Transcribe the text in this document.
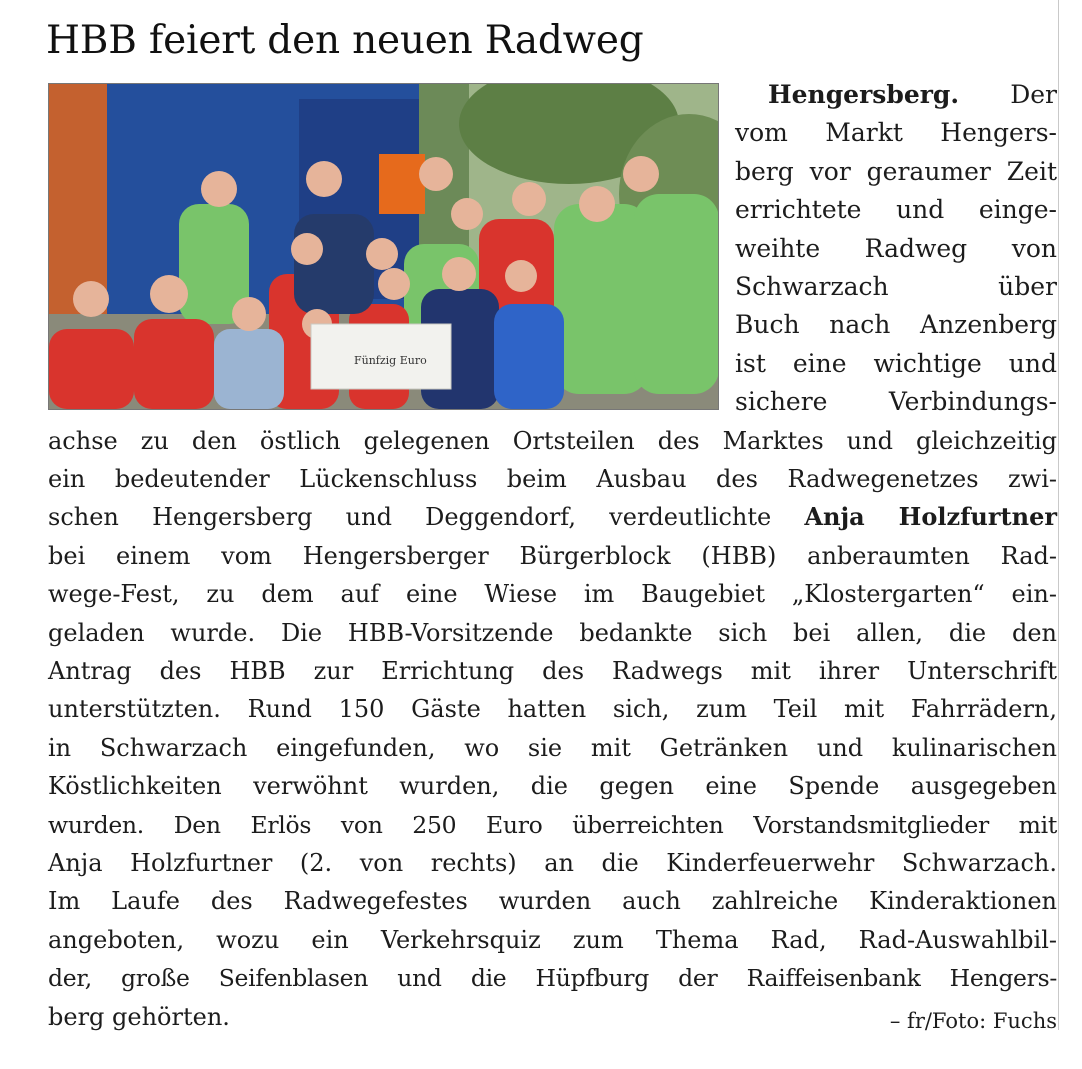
HBB feiert den neuen Radweg
Fünfzig Euro
Hengersberg. Der
vom Markt Hengers-
berg vor geraumer Zeit
errichtete und einge-
weihte Radweg von
Schwarzach über
Buch nach Anzenberg
ist eine wichtige und
sichere Verbindungs-
achse zu den östlich gelegenen Ortsteilen des Marktes und gleichzeitig
ein bedeutender Lückenschluss beim Ausbau des Radwegenetzes zwi-
schen Hengersberg und Deggendorf, verdeutlichte Anja Holzfurtner
bei einem vom Hengersberger Bürgerblock (HBB) anberaumten Rad-
wege-Fest, zu dem auf eine Wiese im Baugebiet „Klostergarten“ ein-
geladen wurde. Die HBB-Vorsitzende bedankte sich bei allen, die den
Antrag des HBB zur Errichtung des Radwegs mit ihrer Unterschrift
unterstützten. Rund 150 Gäste hatten sich, zum Teil mit Fahrrädern,
in Schwarzach eingefunden, wo sie mit Getränken und kulinarischen
Köstlichkeiten verwöhnt wurden, die gegen eine Spende ausgegeben
wurden. Den Erlös von 250 Euro überreichten Vorstandsmitglieder mit
Anja Holzfurtner (2. von rechts) an die Kinderfeuerwehr Schwarzach.
Im Laufe des Radwegefestes wurden auch zahlreiche Kinderaktionen
angeboten, wozu ein Verkehrsquiz zum Thema Rad, Rad-Auswahlbil-
der, große Seifenblasen und die Hüpfburg der Raiffeisenbank Hengers-
berg gehörten.	– fr/Foto: Fuchs
